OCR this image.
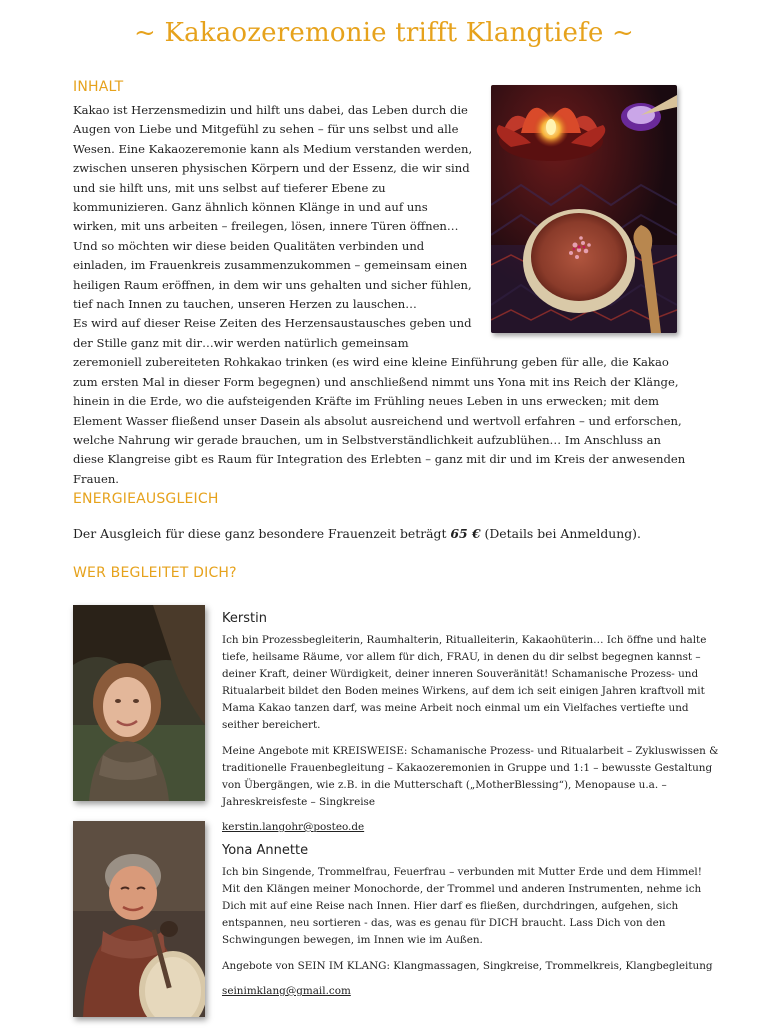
~ Kakaozeremonie trifft Klangtiefe ~
INHALT

Kakao ist Herzensmedizin und hilft uns dabei, das Leben durch die Augen von Liebe und Mitgefühl zu sehen – für uns selbst und alle Wesen. Eine Kakaozeremonie kann als Medium verstanden werden, zwischen unseren physischen Körpern und der Essenz, die wir sind und sie hilft uns, mit uns selbst auf tieferer Ebene zu kommunizieren. Ganz ähnlich können Klänge in und auf uns wirken, mit uns arbeiten – freilegen, lösen, innere Türen öffnen…

Und so möchten wir diese beiden Qualitäten verbinden und einladen, im Frauenkreis zusammenzukommen – gemeinsam einen heiligen Raum eröffnen, in dem wir uns gehalten und sicher fühlen, tief nach Innen zu tauchen, unseren Herzen zu lauschen…

Es wird auf dieser Reise Zeiten des Herzensaustausches geben und der Stille ganz mit dir…wir werden natürlich gemeinsam zeremoniell zubereiteten Rohkakao trinken (es wird eine kleine Einführung geben für alle, die Kakao zum ersten Mal in dieser Form begegnen) und anschließend nimmt uns Yona mit ins Reich der Klänge, hinein in die Erde, wo die aufsteigenden Kräfte im Frühling neues Leben in uns erwecken; mit dem Element Wasser fließend unser Dasein als absolut ausreichend und wertvoll erfahren – und erforschen, welche Nahrung wir gerade brauchen, um in Selbstverständlichkeit aufzublühen… Im Anschluss an diese Klangreise gibt es Raum für Integration des Erlebten – ganz mit dir und im Kreis der anwesenden Frauen.

ENERGIEAUSGLEICH
Der Ausgleich für diese ganz besondere Frauenzeit beträgt 65 € (Details bei Anmeldung).
WER BEGLEITET DICH?
Kerstin

Ich bin Prozessbegleiterin, Raumhalterin, Ritualleiterin, Kakaohüterin… Ich öffne und halte tiefe, heilsame Räume, vor allem für dich, FRAU, in denen du dir selbst begegnen kannst – deiner Kraft, deiner Würdigkeit, deiner inneren Souveränität! Schamanische Prozess- und Ritualarbeit bildet den Boden meines Wirkens, auf dem ich seit einigen Jahren kraftvoll mit Mama Kakao tanzen darf, was meine Arbeit noch einmal um ein Vielfaches vertiefte und seither bereichert.

Meine Angebote mit KREISWEISE: Schamanische Prozess- und Ritualarbeit – Zykluswissen & traditionelle Frauenbegleitung – Kakaozeremonien in Gruppe und 1:1 – bewusste Gestaltung von Übergängen, wie z.B. in die Mutterschaft („MotherBlessing“), Menopause u.a. – Jahreskreisfeste – Singkreise

kerstin.langohr@posteo.de
Yona Annette

Ich bin Singende, Trommelfrau, Feuerfrau – verbunden mit Mutter Erde und dem Himmel! Mit den Klängen meiner Monochorde, der Trommel und anderen Instrumenten, nehme ich Dich mit auf eine Reise nach Innen. Hier darf es fließen, durchdringen, aufgehen, sich entspannen, neu sortieren - das, was es genau für DICH braucht. Lass Dich von den Schwingungen bewegen, im Innen wie im Außen.

Angebote von SEIN IM KLANG: Klangmassagen, Singkreise, Trommelkreis, Klangbegleitung

seinimklang@gmail.com
